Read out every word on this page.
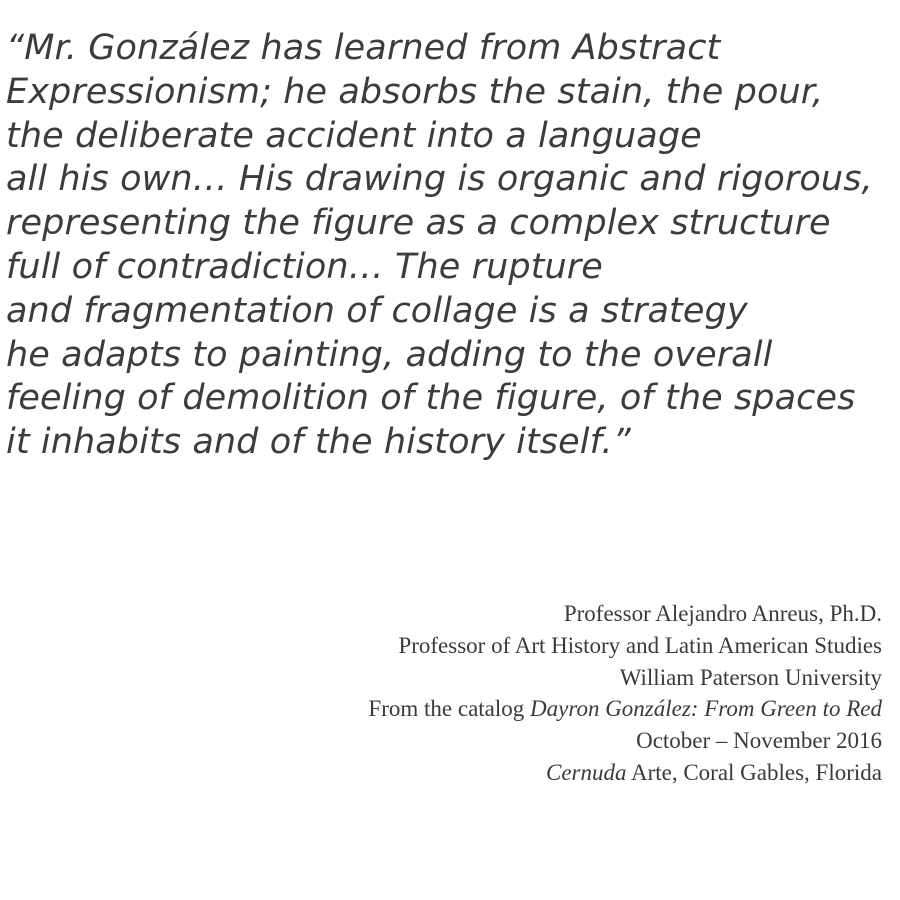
“Mr. González has learned from Abstract
Expressionism; he absorbs the stain, the pour,
the deliberate accident into a language
all his own… His drawing is organic and rigorous,
representing the figure as a complex structure
full of contradiction… The rupture
and fragmentation of collage is a strategy
he adapts to painting, adding to the overall
feeling of demolition of the figure, of the spaces
it inhabits and of the history itself.”
Professor Alejandro Anreus, Ph.D.
Professor of Art History and Latin American Studies
William Paterson University
From the catalog Dayron González: From Green to Red
October – November 2016
Cernuda Arte, Coral Gables, Florida
